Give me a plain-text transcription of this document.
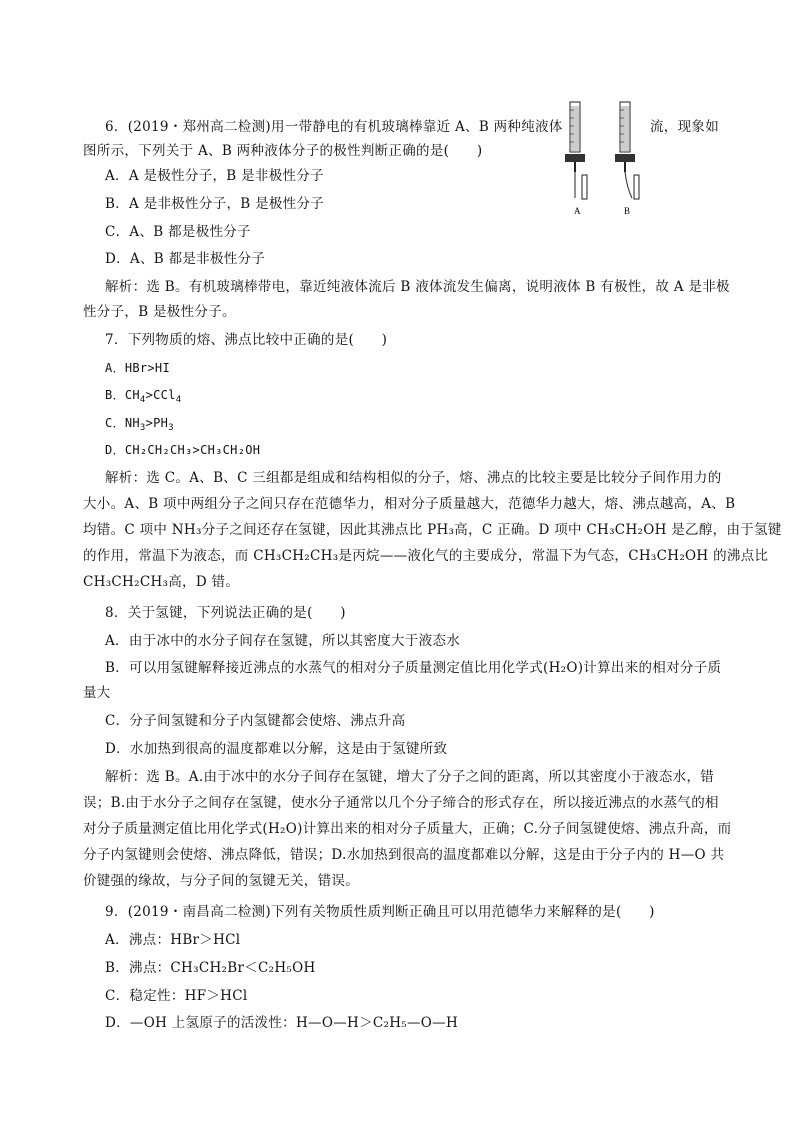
6．(2019・郑州高二检测)用一带静电的有机玻璃棒靠近 A、B 两种纯液体	流，现象如
图所示，下列关于 A、B 两种液体分子的极性判断正确的是(　　)
A	B
A．A 是极性分子，B 是非极性分子
B．A 是非极性分子，B 是极性分子
C．A、B 都是极性分子
D．A、B 都是非极性分子
解析：选 B。有机玻璃棒带电，靠近纯液体流后 B 液体流发生偏离，说明液体 B 有极性，故 A 是非极
性分子，B 是极性分子。
7．下列物质的熔、沸点比较中正确的是(　　)
A．HBr>HI
B．$CH_4>CCl_4$
C．$NH_3>PH_3$
D．CH₂CH₂CH₃>CH₃CH₂OH
解析：选 C。A、B、C 三组都是组成和结构相似的分子，熔、沸点的比较主要是比较分子间作用力的
大小。A、B 项中两组分子之间只存在范德华力，相对分子质量越大，范德华力越大，熔、沸点越高，A、B
均错。C 项中 NH₃分子之间还存在氢键，因此其沸点比 PH₃高，C 正确。D 项中 CH₃CH₂OH 是乙醇，由于氢键
的作用，常温下为液态，而 CH₃CH₂CH₃是丙烷——液化气的主要成分，常温下为气态，CH₃CH₂OH 的沸点比
CH₃CH₂CH₃高，D 错。
8．关于氢键，下列说法正确的是(　　)
A．由于冰中的水分子间存在氢键，所以其密度大于液态水
B．可以用氢键解释接近沸点的水蒸气的相对分子质量测定值比用化学式(H₂O)计算出来的相对分子质
量大
C．分子间氢键和分子内氢键都会使熔、沸点升高
D．水加热到很高的温度都难以分解，这是由于氢键所致
解析：选 B。A.由于冰中的水分子间存在氢键，增大了分子之间的距离，所以其密度小于液态水，错
误；B.由于水分子之间存在氢键，使水分子通常以几个分子缔合的形式存在，所以接近沸点的水蒸气的相
对分子质量测定值比用化学式(H₂O)计算出来的相对分子质量大，正确；C.分子间氢键使熔、沸点升高，而
分子内氢键则会使熔、沸点降低，错误；D.水加热到很高的温度都难以分解，这是由于分子内的 H—O 共
价键强的缘故，与分子间的氢键无关，错误。
9．(2019・南昌高二检测)下列有关物质性质判断正确且可以用范德华力来解释的是(　　)
A．沸点：HBr＞HCl
B．沸点：CH₃CH₂Br＜C₂H₅OH
C．稳定性：HF＞HCl
D．—OH 上氢原子的活泼性：H—O—H＞C₂H₅—O—H
